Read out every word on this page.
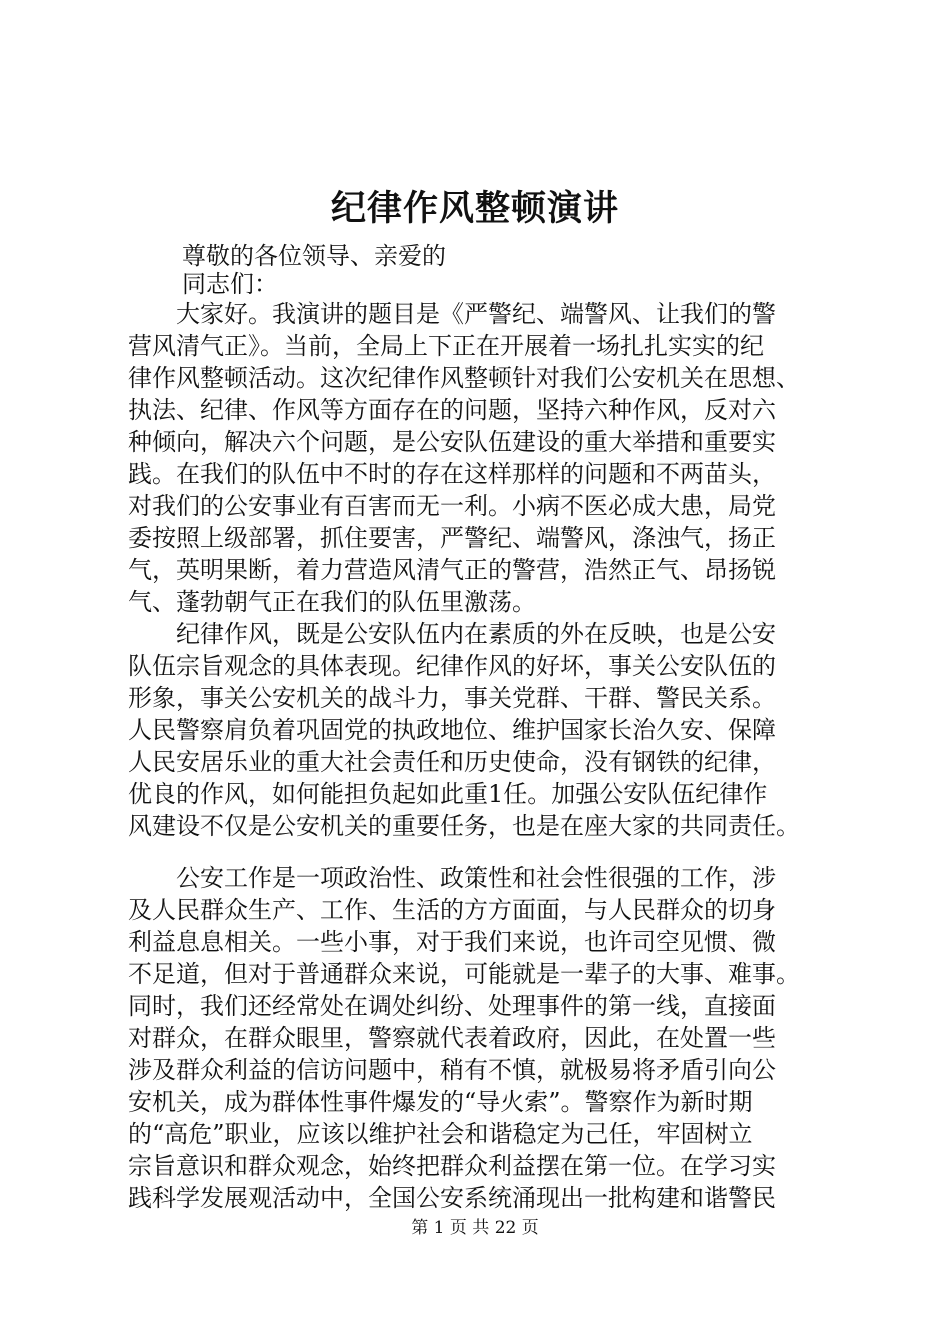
纪律作风整顿演讲
尊敬的各位领导、亲爱的
同志们：
　　大家好。我演讲的题目是《严警纪、端警风、让我们的警
营风清气正》。当前，全局上下正在开展着一场扎扎实实的纪
律作风整顿活动。这次纪律作风整顿针对我们公安机关在思想、
执法、纪律、作风等方面存在的问题，坚持六种作风，反对六
种倾向，解决六个问题，是公安队伍建设的重大举措和重要实
践。在我们的队伍中不时的存在这样那样的问题和不两苗头，
对我们的公安事业有百害而无一利。小病不医必成大患，局党
委按照上级部署，抓住要害，严警纪、端警风，涤浊气，扬正
气，英明果断，着力营造风清气正的警营，浩然正气、昂扬锐
气、蓬勃朝气正在我们的队伍里激荡。
　　纪律作风，既是公安队伍内在素质的外在反映，也是公安
队伍宗旨观念的具体表现。纪律作风的好坏，事关公安队伍的
形象，事关公安机关的战斗力，事关党群、干群、警民关系。
人民警察肩负着巩固党的执政地位、维护国家长治久安、保障
人民安居乐业的重大社会责任和历史使命，没有钢铁的纪律，
优良的作风，如何能担负起如此重1任。加强公安队伍纪律作
风建设不仅是公安机关的重要任务，也是在座大家的共同责任。
　　公安工作是一项政治性、政策性和社会性很强的工作，涉
及人民群众生产、工作、生活的方方面面，与人民群众的切身
利益息息相关。一些小事，对于我们来说，也许司空见惯、微
不足道，但对于普通群众来说，可能就是一辈子的大事、难事。
同时，我们还经常处在调处纠纷、处理事件的第一线，直接面
对群众，在群众眼里，警察就代表着政府，因此，在处置一些
涉及群众利益的信访问题中，稍有不慎，就极易将矛盾引向公
安机关，成为群体性事件爆发的“导火索”。警察作为新时期
的“高危”职业，应该以维护社会和谐稳定为己任，牢固树立
宗旨意识和群众观念，始终把群众利益摆在第一位。在学习实
践科学发展观活动中，全国公安系统涌现出一批构建和谐警民
第 1 页 共 22 页
